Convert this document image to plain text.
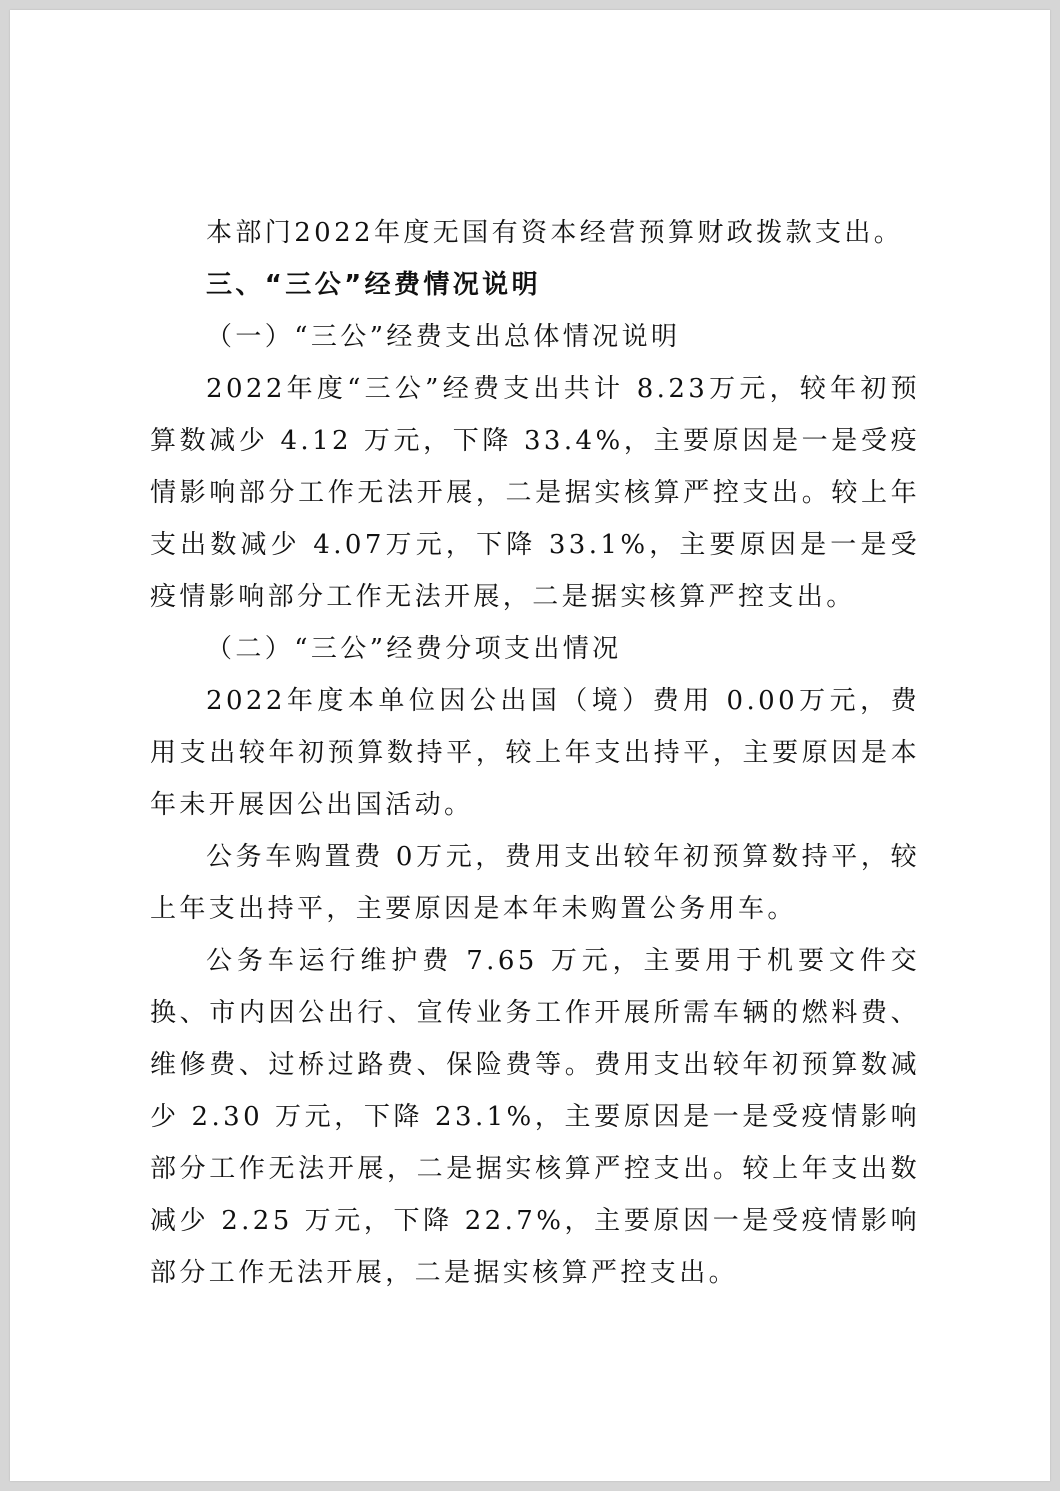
本部门2022年度无国有资本经营预算财政拨款支出。

三、“三公”经费情况说明

（一）“三公”经费支出总体情况说明

2022年度“三公”经费支出共计 8.23万元，较年初预算数减少 4.12 万元，下降 33.4%，主要原因是一是受疫情影响部分工作无法开展，二是据实核算严控支出。较上年支出数减少 4.07万元，下降 33.1%，主要原因是一是受疫情影响部分工作无法开展，二是据实核算严控支出。

（二）“三公”经费分项支出情况

2022年度本单位因公出国（境）费用 0.00万元，费用支出较年初预算数持平，较上年支出持平，主要原因是本年未开展因公出国活动。

公务车购置费 0万元，费用支出较年初预算数持平，较上年支出持平，主要原因是本年未购置公务用车。

公务车运行维护费 7.65 万元，主要用于机要文件交换、市内因公出行、宣传业务工作开展所需车辆的燃料费、维修费、过桥过路费、保险费等。费用支出较年初预算数减少 2.30 万元，下降 23.1%，主要原因是一是受疫情影响部分工作无法开展，二是据实核算严控支出。较上年支出数减少 2.25 万元，下降 22.7%，主要原因一是受疫情影响部分工作无法开展，二是据实核算严控支出。
